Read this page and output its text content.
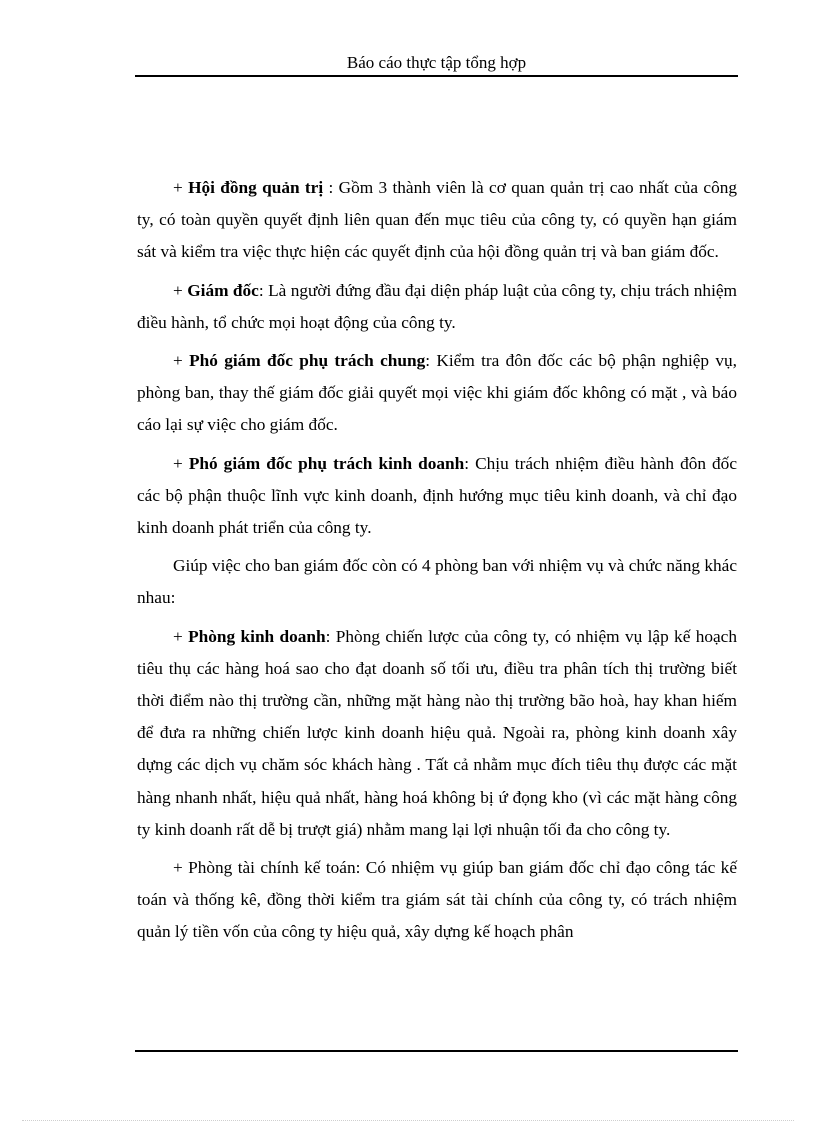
Báo cáo thực tập tổng hợp

+ Hội đồng quản trị : Gồm 3 thành viên là cơ quan quản trị cao nhất của công ty, có toàn quyền quyết định liên quan đến mục tiêu của công ty, có quyền hạn giám sát và kiểm tra việc thực hiện các quyết định của hội đồng quản trị và ban giám đốc.

+ Giám đốc: Là người đứng đầu đại diện pháp luật của công ty, chịu trách nhiệm điều hành, tổ chức mọi hoạt động của công ty.

+ Phó giám đốc phụ trách chung: Kiểm tra đôn đốc các bộ phận nghiệp vụ, phòng ban, thay thế giám đốc giải quyết mọi việc khi giám đốc không có mặt , và báo cáo lại sự việc cho giám đốc.

+ Phó giám đốc phụ trách kinh doanh: Chịu trách nhiệm điều hành đôn đốc các bộ phận thuộc lĩnh vực kinh doanh, định hướng mục tiêu kinh doanh, và chỉ đạo kinh doanh phát triển của công ty.

Giúp việc cho ban giám đốc còn có 4 phòng ban với nhiệm vụ và chức năng khác nhau:

+ Phòng kinh doanh: Phòng chiến lược của công ty, có nhiệm vụ lập kế hoạch tiêu thụ các hàng hoá sao cho đạt doanh số tối ưu, điều tra phân tích thị trường biết thời điểm nào thị trường cần, những mặt hàng nào thị trường bão hoà, hay khan hiếm để đưa ra những chiến lược kinh doanh hiệu quả. Ngoài ra, phòng kinh doanh xây dựng các dịch vụ chăm sóc khách hàng . Tất cả nhằm mục đích tiêu thụ được các mặt hàng nhanh nhất, hiệu quả nhất, hàng hoá không bị ứ đọng kho (vì các mặt hàng công ty kinh doanh rất dễ bị trượt giá) nhằm mang lại lợi nhuận tối đa cho công ty.

+ Phòng tài chính kế toán: Có nhiệm vụ giúp ban giám đốc chỉ đạo công tác kế toán và thống kê, đồng thời kiểm tra giám sát tài chính của công ty, có trách nhiệm quản lý tiền vốn của công ty hiệu quả, xây dựng kế hoạch phân
